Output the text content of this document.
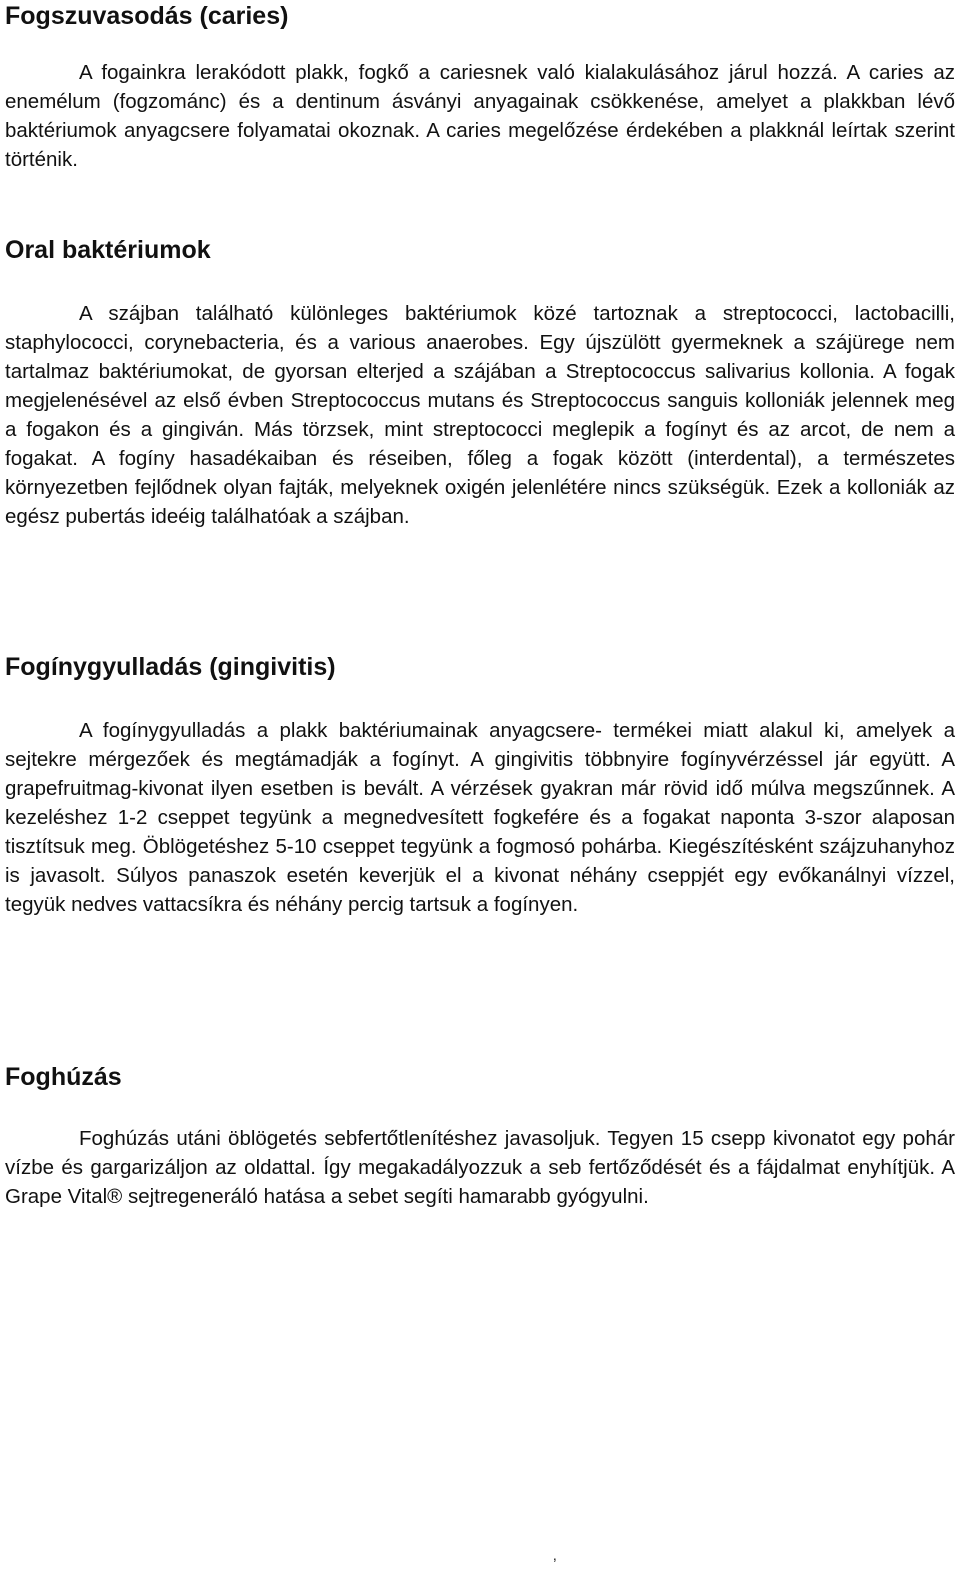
Fogszuvasodás (caries)

A fogainkra lerakódott plakk, fogkő a cariesnek való kialakulásához járul hozzá. A caries az enemélum (fogzománc) és a dentinum ásványi anyagainak csökkenése, amelyet a plakkban lévő baktériumok anyagcsere folyamatai okoznak. A caries megelőzése érdekében a plakknál leírtak szerint történik.

Oral baktériumok

A szájban található különleges baktériumok közé tartoznak a streptococci, lactobacilli, staphylococci, corynebacteria, és a various anaerobes. Egy újszülött gyermeknek a szájürege nem tartalmaz baktériumokat, de gyorsan elterjed a szájában a Streptococcus salivarius kollonia. A fogak megjelenésével az első évben Streptococcus mutans és Streptococcus sanguis kolloniák jelennek meg a fogakon és a gingiván. Más törzsek, mint streptococci meglepik a fogínyt és az arcot, de nem a fogakat. A fogíny hasadékaiban és réseiben, főleg a fogak között (interdental), a természetes környezetben fejlődnek olyan fajták, melyeknek oxigén jelenlétére nincs szükségük. Ezek a kolloniák az egész pubertás ideéig találhatóak a szájban.

Fogínygyulladás (gingivitis)

A fogínygyulladás a plakk baktériumainak anyagcsere- termékei miatt alakul ki, amelyek a sejtekre mérgezőek és megtámadják a fogínyt. A gingivitis többnyire fogínyvérzéssel jár együtt. A grapefruitmag-kivonat ilyen esetben is bevált. A vérzések gyakran már rövid idő múlva megszűnnek. A kezeléshez 1-2 cseppet tegyünk a megnedvesített fogkefére és a fogakat naponta 3-szor alaposan tisztítsuk meg. Öblögetéshez 5-10 cseppet tegyünk a fogmosó pohárba. Kiegészítésként szájzuhanyhoz is javasolt. Súlyos panaszok esetén keverjük el a kivonat néhány cseppjét egy evőkanálnyi vízzel, tegyük nedves vattacsíkra és néhány percig tartsuk a fogínyen.

Foghúzás

Foghúzás utáni öblögetés sebfertőtlenítéshez javasoljuk. Tegyen 15 csepp kivonatot egy pohár vízbe és gargarizáljon az oldattal. Így megakadályozzuk a seb fertőződését és a fájdalmat enyhítjük. A Grape Vital® sejtregeneráló hatása a sebet segíti hamarabb gyógyulni.

‚
